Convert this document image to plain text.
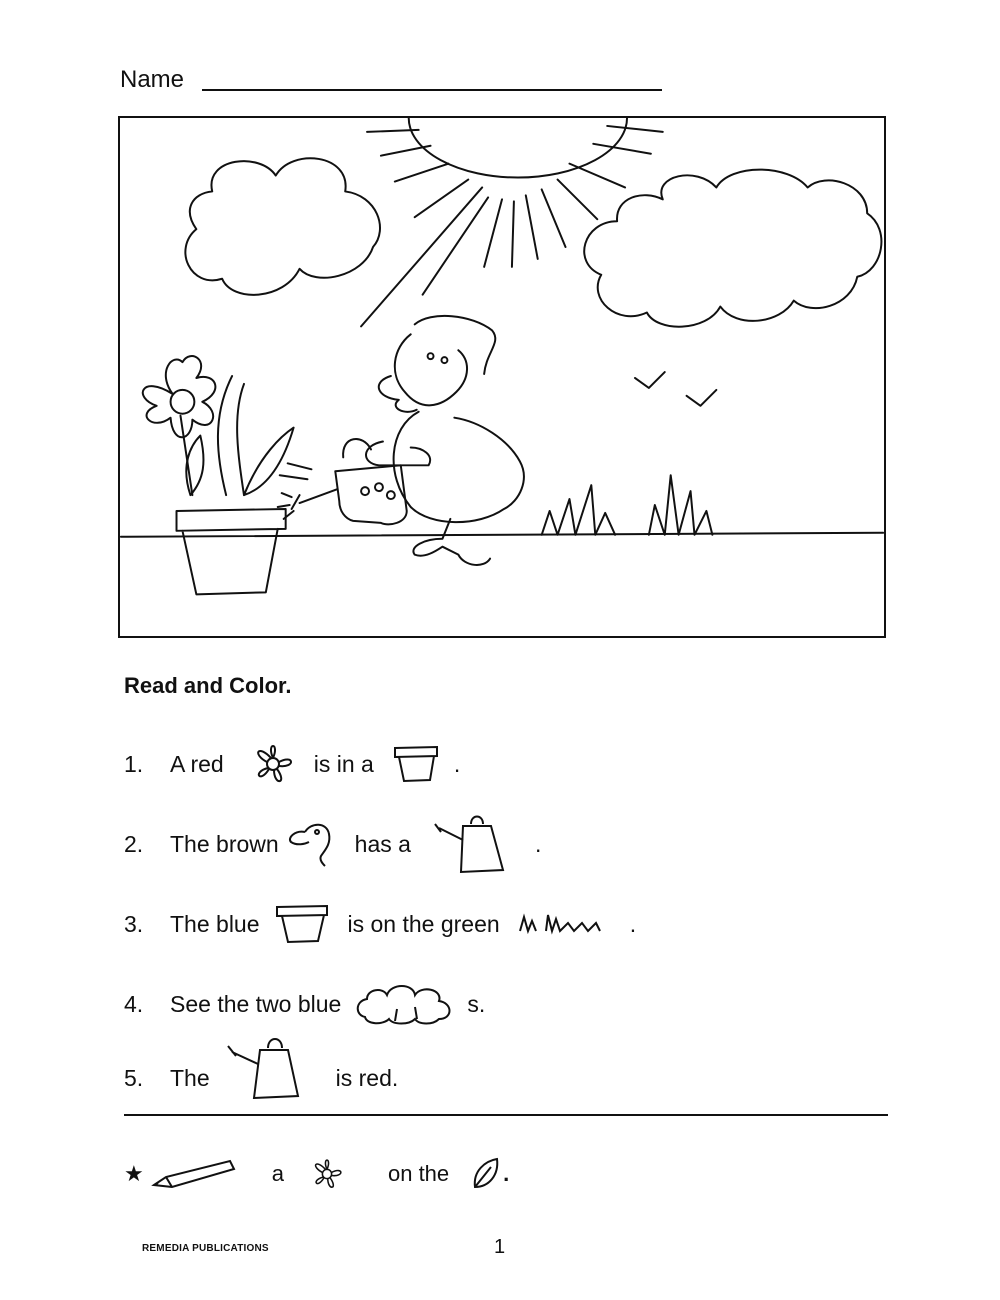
Name
Read and Color.
1.	A red	is in a	.
2.	The brown	has a	.
3.	The blue	is on the green	.
4.	See the two blue	s.
5.	The	is red.
★	a	on the .
REMEDIA PUBLICATIONS	1
